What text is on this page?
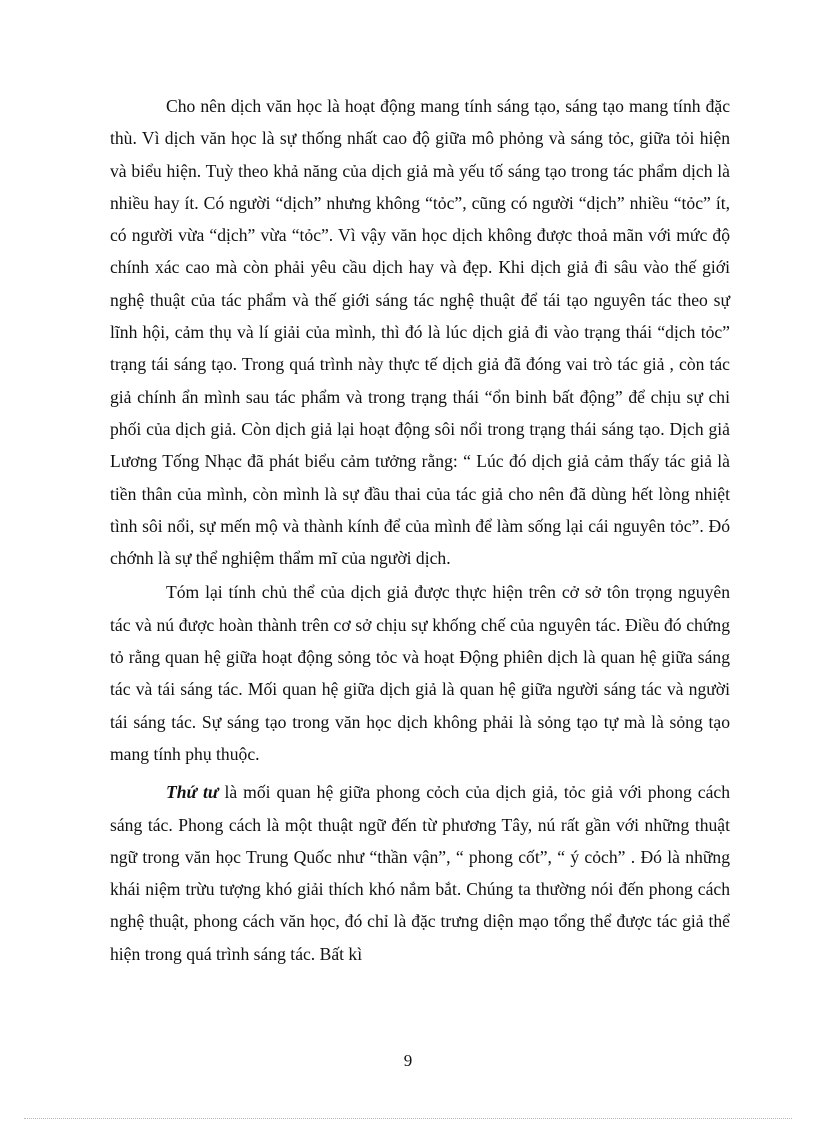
Cho nên dịch văn học là hoạt động mang tính sáng tạo, sáng tạo mang tính đặc thù. Vì dịch văn học là sự thống nhất cao độ giữa mô phỏng và sáng tỏc, giữa tỏi hiện và biểu hiện. Tuỳ theo khả năng của dịch giả mà yếu tố sáng tạo trong tác phẩm dịch là nhiều hay ít. Có người “dịch” nhưng không “tỏc”, cũng có người “dịch” nhiều “tỏc” ít, có người vừa “dịch” vừa “tỏc”. Vì vậy văn học dịch không được thoả mãn với mức độ chính xác cao mà còn phải yêu cầu dịch hay và đẹp. Khi dịch giả đi sâu vào thế giới nghệ thuật của tác phẩm và thế giới sáng tác nghệ thuật để tái tạo nguyên tác theo sự lĩnh hội, cảm thụ và lí giải của mình, thì đó là lúc dịch giả đi vào trạng thái “dịch tỏc” trạng tái sáng tạo. Trong quá trình này thực tế dịch giả đã đóng vai trò tác giả , còn tác giả chính ẩn mình sau tác phẩm và trong trạng thái “ổn binh bất động” để chịu sự chi phối của dịch giả. Còn dịch giả lại hoạt động sôi nổi trong trạng thái sáng tạo. Dịch giả Lương Tống Nhạc đã phát biểu cảm tưởng rằng: “ Lúc đó dịch giả cảm thấy tác giả là tiền thân của mình, còn mình là sự đầu thai của tác giả cho nên đã dùng hết lòng nhiệt tình sôi nổi, sự mến mộ và thành kính để của mình để làm sống lại cái nguyên tỏc”. Đó chớnh là sự thể nghiệm thẩm mĩ của người dịch.

Tóm lại tính chủ thể của dịch giả được thực hiện trên cở sở tôn trọng nguyên tác và nú được hoàn thành trên cơ sở chịu sự khống chế của nguyên tác. Điều đó chứng tỏ rằng quan hệ giữa hoạt động sỏng tỏc và hoạt Động phiên dịch là quan hệ giữa sáng tác và tái sáng tác. Mối quan hệ giữa dịch giả là quan hệ giữa người sáng tác và người tái sáng tác. Sự sáng tạo trong văn học dịch không phải là sỏng tạo tự mà là sỏng tạo mang tính phụ thuộc.

Thứ tư là mối quan hệ giữa phong cỏch của dịch giả, tỏc giả với phong cách sáng tác. Phong cách là một thuật ngữ đến từ phương Tây, nú rất gần với những thuật ngữ trong văn học Trung Quốc như “thần vận”, “ phong cốt”, “ ý cỏch” . Đó là những khái niệm trừu tượng khó giải thích khó nắm bắt. Chúng ta thường nói đến phong cách nghệ thuật, phong cách văn học, đó chỉ là đặc trưng diện mạo tổng thể được tác giả thể hiện trong quá trình sáng tác. Bất kì

9
